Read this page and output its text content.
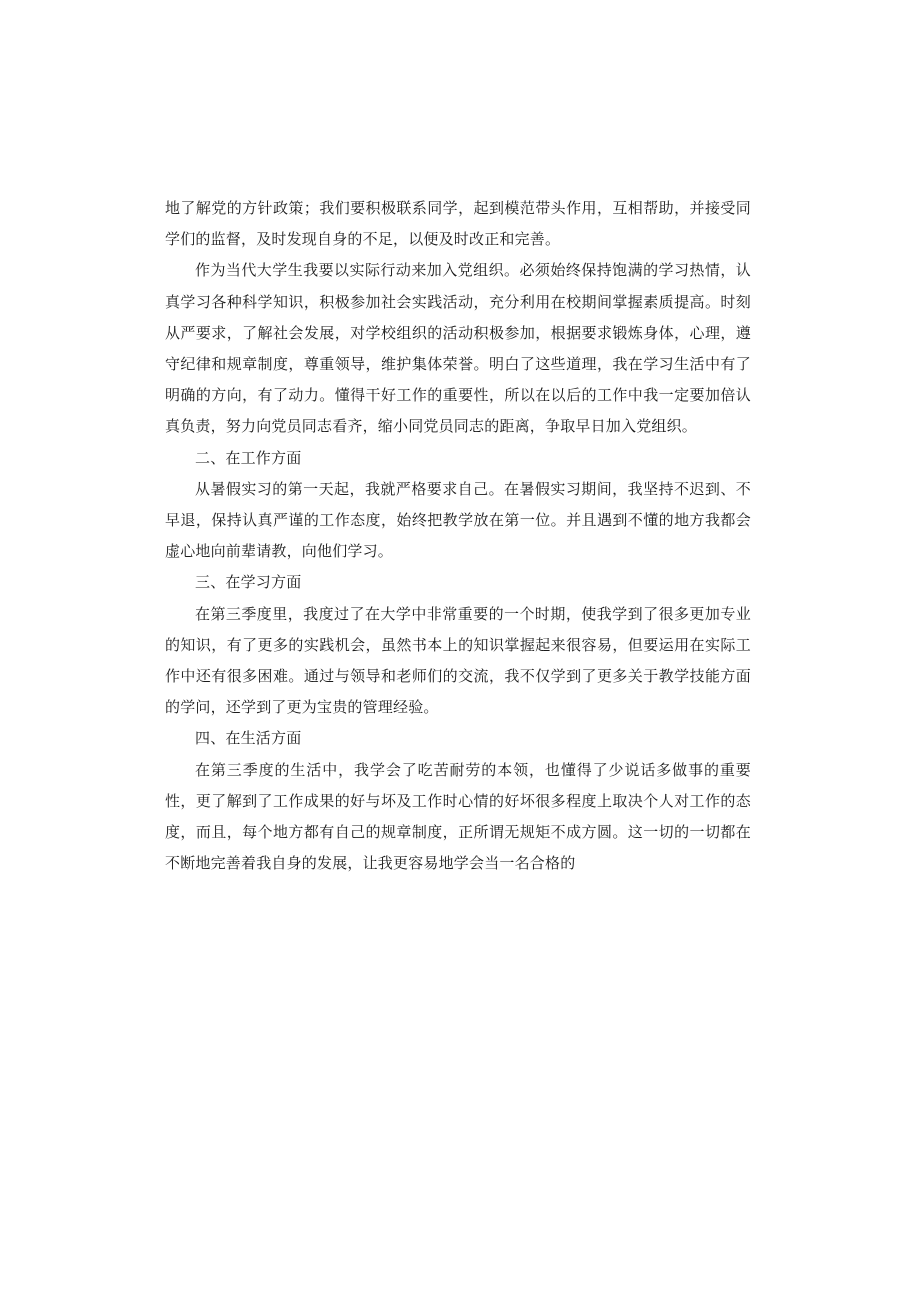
地了解党的方针政策；我们要积极联系同学，起到模范带头作用，互相帮助，并接受同学们的监督，及时发现自身的不足，以便及时改正和完善。

作为当代大学生我要以实际行动来加入党组织。必须始终保持饱满的学习热情，认真学习各种科学知识，积极参加社会实践活动，充分利用在校期间掌握素质提高。时刻从严要求，了解社会发展，对学校组织的活动积极参加，根据要求锻炼身体，心理，遵守纪律和规章制度，尊重领导，维护集体荣誉。明白了这些道理，我在学习生活中有了明确的方向，有了动力。懂得干好工作的重要性，所以在以后的工作中我一定要加倍认真负责，努力向党员同志看齐，缩小同党员同志的距离，争取早日加入党组织。

二、在工作方面

从暑假实习的第一天起，我就严格要求自己。在暑假实习期间，我坚持不迟到、不早退，保持认真严谨的工作态度，始终把教学放在第一位。并且遇到不懂的地方我都会虚心地向前辈请教，向他们学习。

三、在学习方面

在第三季度里，我度过了在大学中非常重要的一个时期，使我学到了很多更加专业的知识，有了更多的实践机会，虽然书本上的知识掌握起来很容易，但要运用在实际工作中还有很多困难。通过与领导和老师们的交流，我不仅学到了更多关于教学技能方面的学问，还学到了更为宝贵的管理经验。

四、在生活方面

在第三季度的生活中，我学会了吃苦耐劳的本领，也懂得了少说话多做事的重要性，更了解到了工作成果的好与坏及工作时心情的好坏很多程度上取决个人对工作的态度，而且，每个地方都有自己的规章制度，正所谓无规矩不成方圆。这一切的一切都在不断地完善着我自身的发展，让我更容易地学会当一名合格的
